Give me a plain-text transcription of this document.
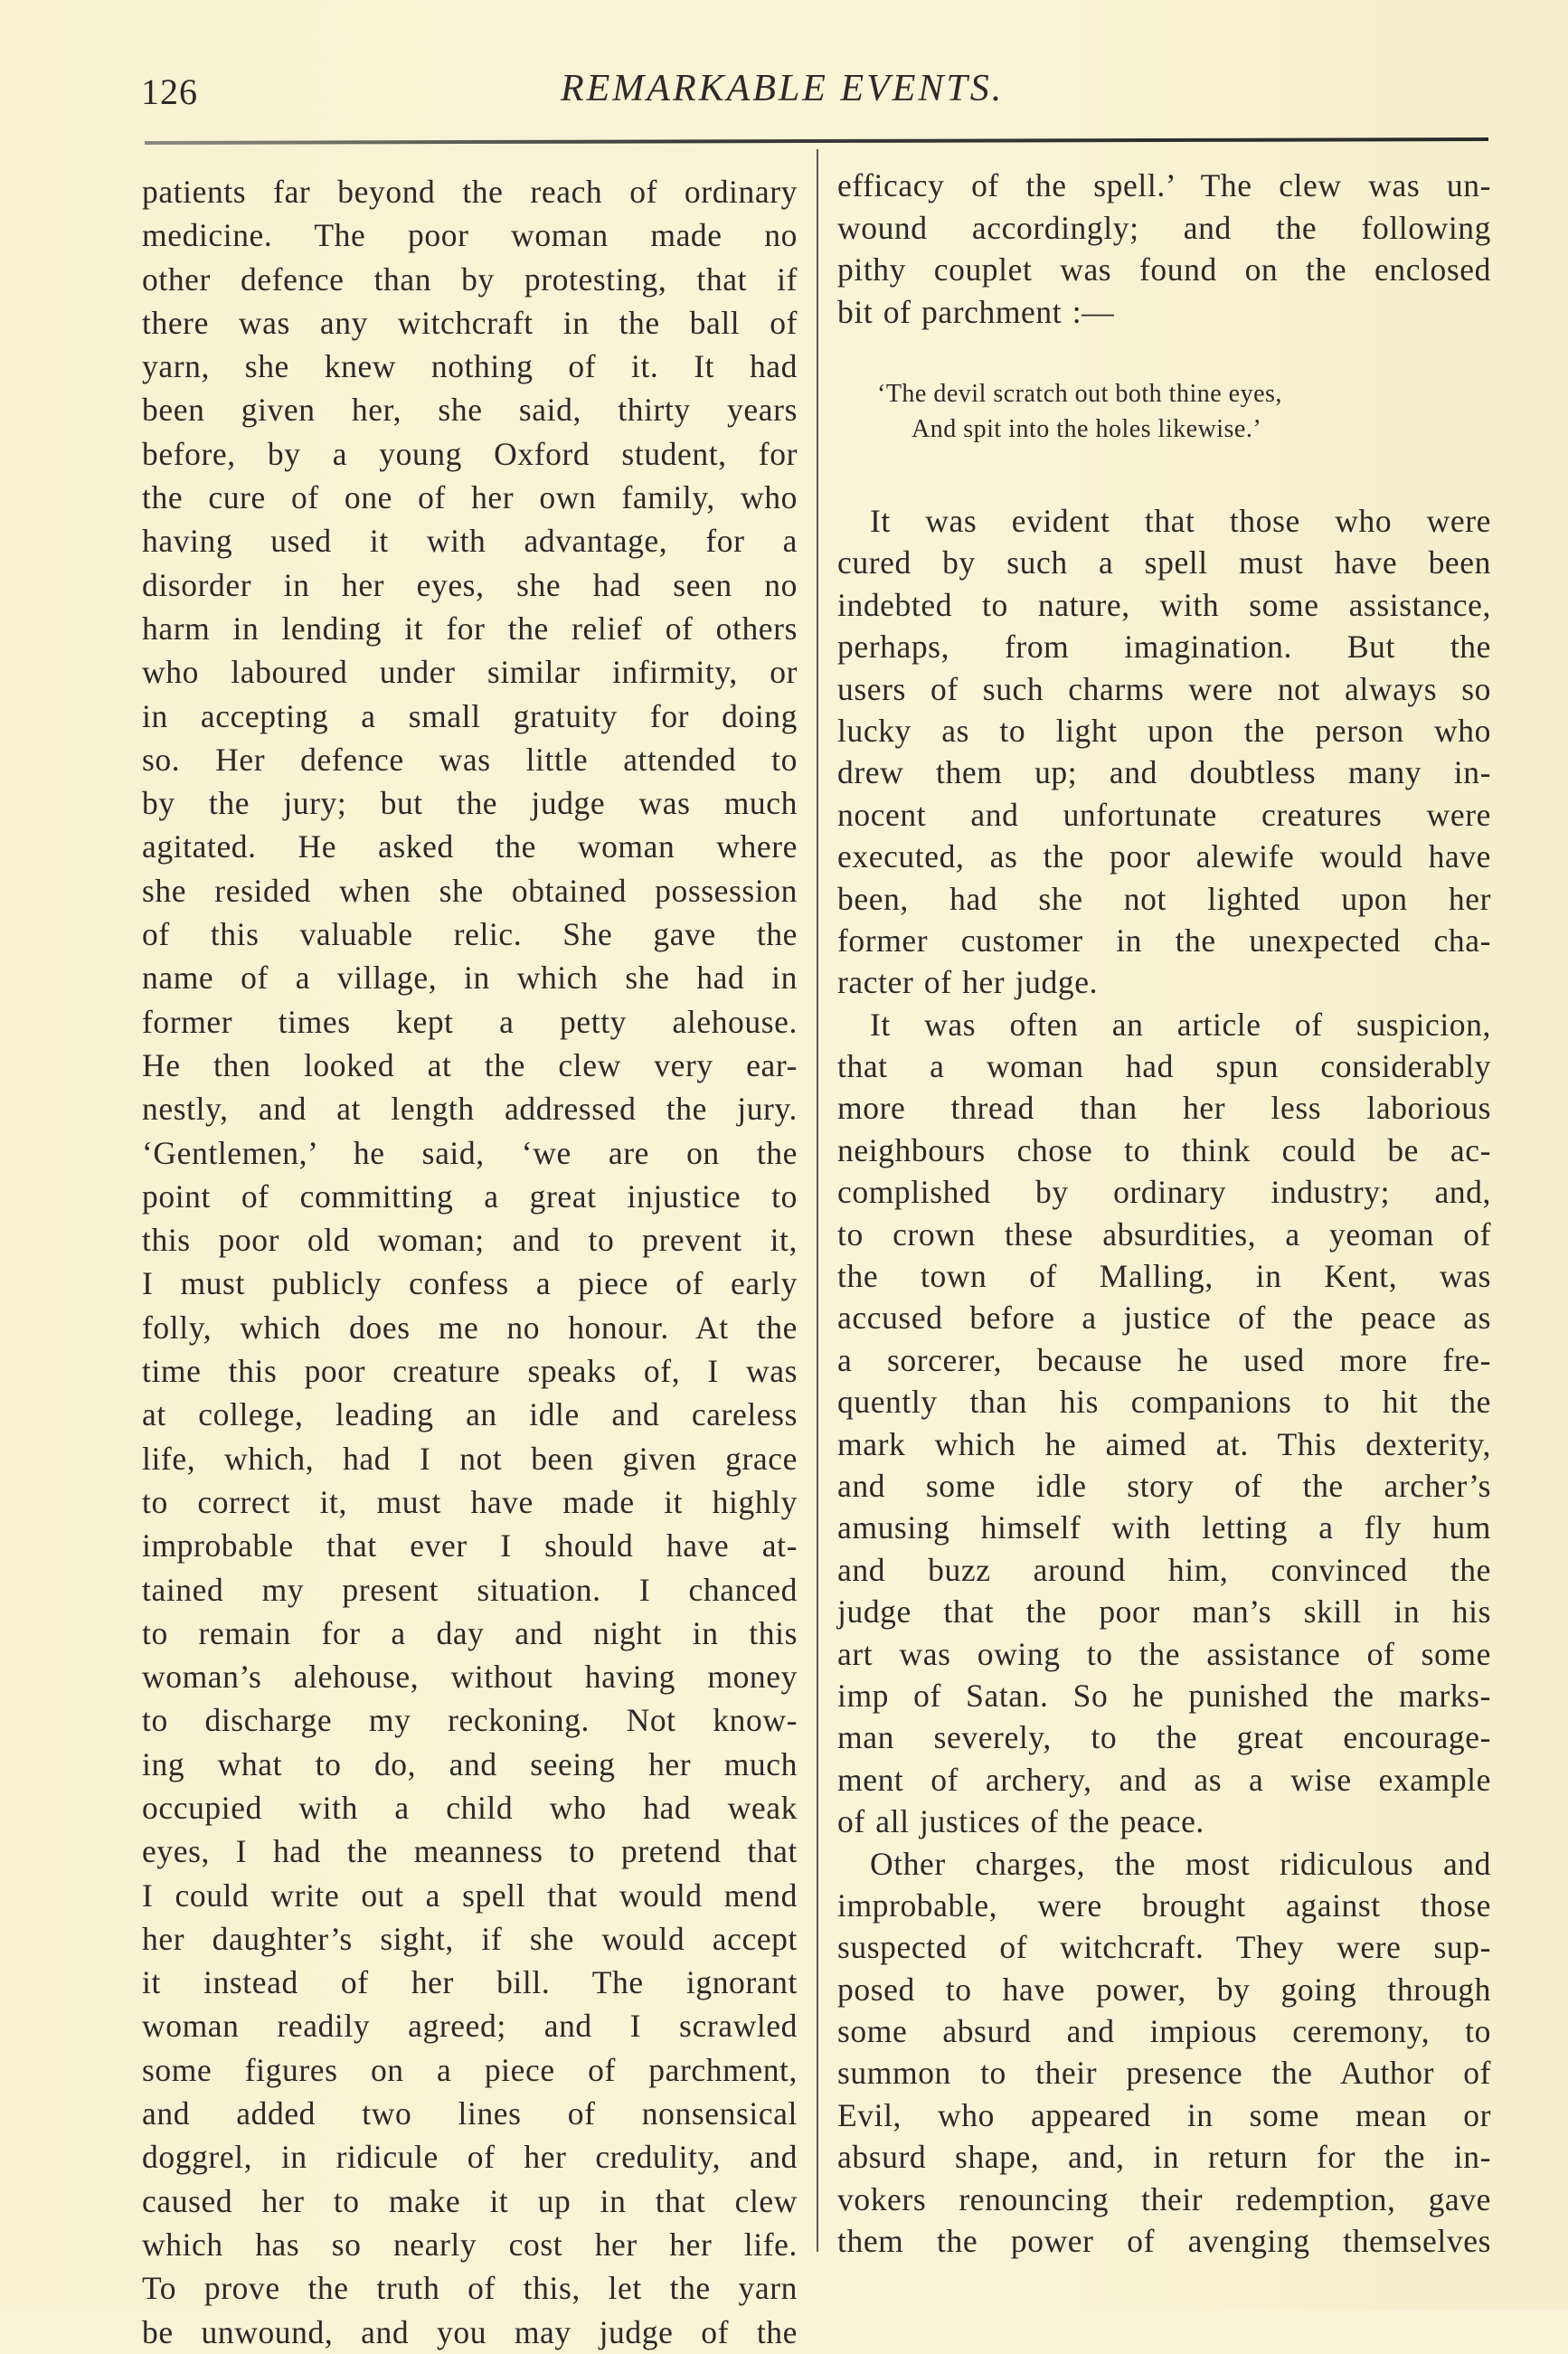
126	REMARKABLE EVENTS.
patients far beyond the reach of ordinary
medicine. The poor woman made no
other defence than by protesting, that if
there was any witchcraft in the ball of
yarn, she knew nothing of it. It had
been given her, she said, thirty years
before, by a young Oxford student, for
the cure of one of her own family, who
having used it with advantage, for a
disorder in her eyes, she had seen no
harm in lending it for the relief of others
who laboured under similar infirmity, or
in accepting a small gratuity for doing
so. Her defence was little attended to
by the jury; but the judge was much
agitated. He asked the woman where
she resided when she obtained possession
of this valuable relic. She gave the
name of a village, in which she had in
former times kept a petty alehouse.
He then looked at the clew very ear-
nestly, and at length addressed the jury.
‘Gentlemen,’ he said, ‘we are on the
point of committing a great injustice to
this poor old woman; and to prevent it,
I must publicly confess a piece of early
folly, which does me no honour. At the
time this poor creature speaks of, I was
at college, leading an idle and careless
life, which, had I not been given grace
to correct it, must have made it highly
improbable that ever I should have at-
tained my present situation. I chanced
to remain for a day and night in this
woman’s alehouse, without having money
to discharge my reckoning. Not know-
ing what to do, and seeing her much
occupied with a child who had weak
eyes, I had the meanness to pretend that
I could write out a spell that would mend
her daughter’s sight, if she would accept
it instead of her bill. The ignorant
woman readily agreed; and I scrawled
some figures on a piece of parchment,
and added two lines of nonsensical
doggrel, in ridicule of her credulity, and
caused her to make it up in that clew
which has so nearly cost her her life.
To prove the truth of this, let the yarn
be unwound, and you may judge of the
efficacy of the spell.’ The clew was un-
wound accordingly; and the following
pithy couplet was found on the enclosed
bit of parchment :—
‘The devil scratch out both thine eyes,
And spit into the holes likewise.’
It was evident that those who were
cured by such a spell must have been
indebted to nature, with some assistance,
perhaps, from imagination. But the
users of such charms were not always so
lucky as to light upon the person who
drew them up; and doubtless many in-
nocent and unfortunate creatures were
executed, as the poor alewife would have
been, had she not lighted upon her
former customer in the unexpected cha-
racter of her judge.
It was often an article of suspicion,
that a woman had spun considerably
more thread than her less laborious
neighbours chose to think could be ac-
complished by ordinary industry; and,
to crown these absurdities, a yeoman of
the town of Malling, in Kent, was
accused before a justice of the peace as
a sorcerer, because he used more fre-
quently than his companions to hit the
mark which he aimed at. This dexterity,
and some idle story of the archer’s
amusing himself with letting a fly hum
and buzz around him, convinced the
judge that the poor man’s skill in his
art was owing to the assistance of some
imp of Satan. So he punished the marks-
man severely, to the great encourage-
ment of archery, and as a wise example
of all justices of the peace.
Other charges, the most ridiculous and
improbable, were brought against those
suspected of witchcraft. They were sup-
posed to have power, by going through
some absurd and impious ceremony, to
summon to their presence the Author of
Evil, who appeared in some mean or
absurd shape, and, in return for the in-
vokers renouncing their redemption, gave
them the power of avenging themselves
